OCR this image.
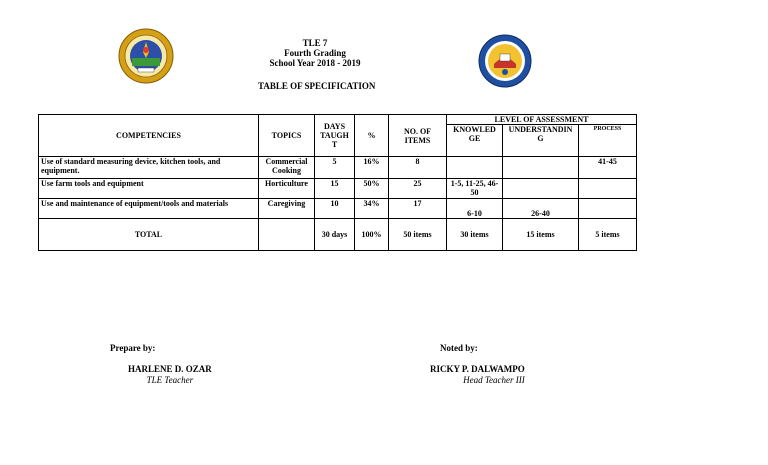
TLE 7
Fourth Grading
School Year 2018 - 2019
TABLE OF SPECIFICATION
COMPETENCIES	TOPICS	DAYS TAUGH T	%	NO. OF ITEMS	LEVEL OF ASSESSMENT		
					KNOWLED GE	UNDERSTANDIN G	PROCESS
Use of standard measuring device, kitchen tools, and equipment.	Commercial Cooking	5	16%	8			41-45
Use farm tools and equipment	Horticulture	15	50%	25	1-5, 11-25, 46-50		
Use and maintenance of equipment/tools and materials	Caregiving	10	34%	17	6-10	26-40	
TOTAL		30 days	100%	50 items	30 items	15 items	5 items
Prepare by:
HARLENE D. OZAR
TLE Teacher
Noted by:
RICKY P. DALWAMPO
Head Teacher III
